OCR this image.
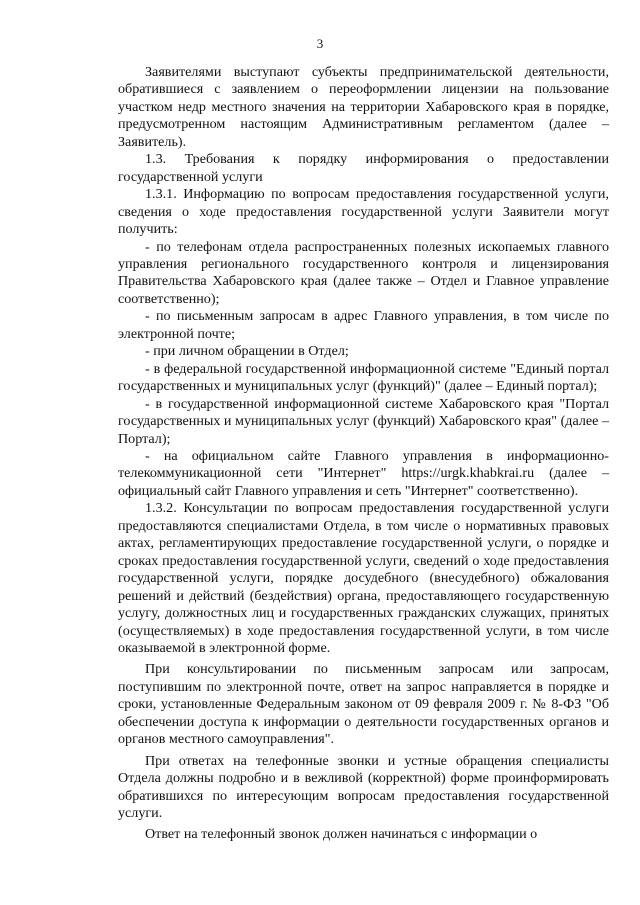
3

Заявителями выступают субъекты предпринимательской деятельности, обратившиеся с заявлением о переоформлении лицензии на пользование участком недр местного значения на территории Хабаровского края в порядке, предусмотренном настоящим Административным регламентом (далее – Заявитель).

1.3. Требования к порядку информирования о предоставлении государственной услуги

1.3.1. Информацию по вопросам предоставления государственной услуги, сведения о ходе предоставления государственной услуги Заявители могут получить:

- по телефонам отдела распространенных полезных ископаемых главного управления регионального государственного контроля и лицензирования Правительства Хабаровского края (далее также – Отдел и Главное управление соответственно);

- по письменным запросам в адрес Главного управления, в том числе по электронной почте;

- при личном обращении в Отдел;

- в федеральной государственной информационной системе "Единый портал государственных и муниципальных услуг (функций)" (далее – Единый портал);

- в государственной информационной системе Хабаровского края "Портал государственных и муниципальных услуг (функций) Хабаровского края" (далее – Портал);

- на официальном сайте Главного управления в информационно-телекоммуникационной сети "Интернет" https://urgk.khabkrai.ru (далее – официальный сайт Главного управления и сеть "Интернет" соответственно).

1.3.2. Консультации по вопросам предоставления государственной услуги предоставляются специалистами Отдела, в том числе о нормативных правовых актах, регламентирующих предоставление государственной услуги, о порядке и сроках предоставления государственной услуги, сведений о ходе предоставления государственной услуги, порядке досудебного (внесудебного) обжалования решений и действий (бездействия) органа, предоставляющего государственную услугу, должностных лиц и государственных гражданских служащих, принятых (осуществляемых) в ходе предоставления государственной услуги, в том числе оказываемой в электронной форме.

При консультировании по письменным запросам или запросам, поступившим по электронной почте, ответ на запрос направляется в порядке и сроки, установленные Федеральным законом от 09 февраля 2009 г. № 8-ФЗ "Об обеспечении доступа к информации о деятельности государственных органов и органов местного самоуправления".

При ответах на телефонные звонки и устные обращения специалисты Отдела должны подробно и в вежливой (корректной) форме проинформировать обратившихся по интересующим вопросам предоставления государственной услуги.

Ответ на телефонный звонок должен начинаться с информации о
